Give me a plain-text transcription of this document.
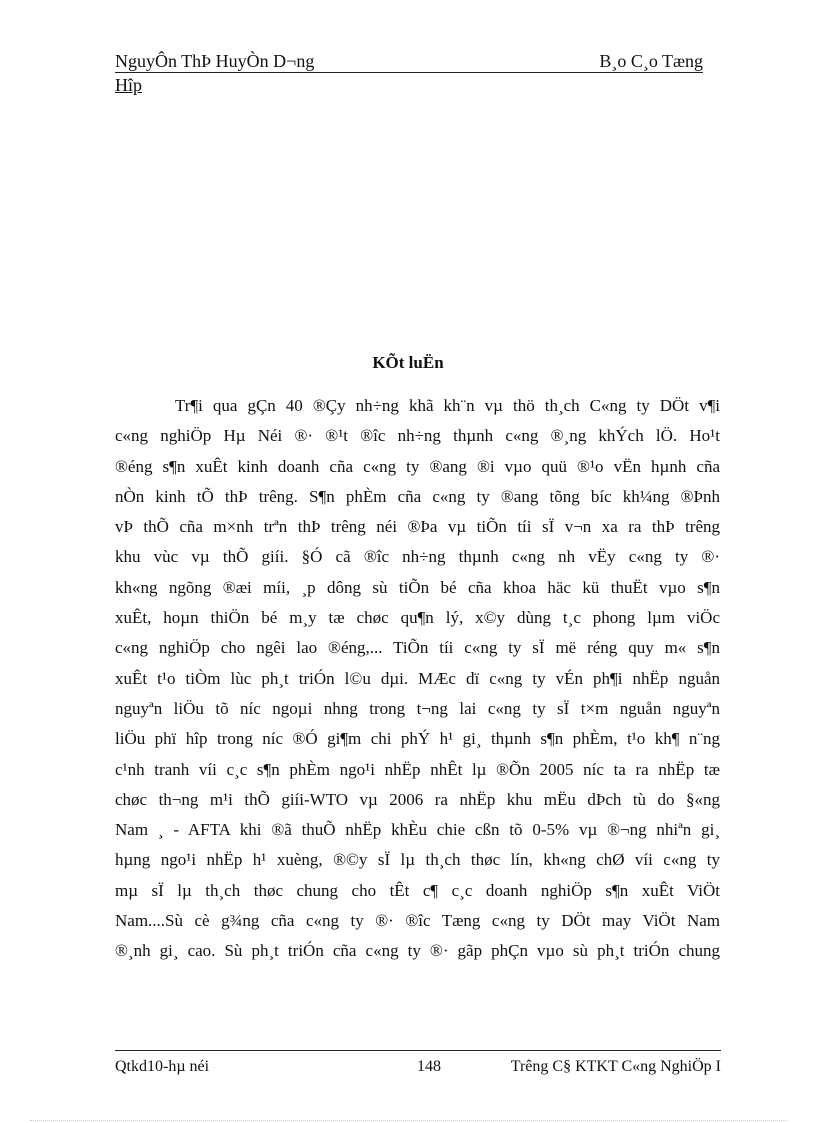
NguyÔn ThÞ HuyÒn D¬ng	B¸o C¸o Tæng
Hîp
KÕt luËn
Tr¶i qua gÇn 40 ®Çy nh÷ng khã kh¨n vµ thö th¸ch C«ng ty DÖt v¶i
c«ng nghiÖp Hµ Néi ®· ®¹t ®îc nh÷ng thµnh c«ng ®¸ng khÝch lÖ. Ho¹t
®éng s¶n xuÊt kinh doanh cña c«ng ty ®ang ®i vµo quü ®¹o vËn hµnh cña
nÒn kinh tÕ thÞ trêng. S¶n phÈm cña c«ng ty ®ang tõng bíc kh¼ng ®Þnh
vÞ thÕ cña m×nh trªn thÞ trêng néi ®Þa vµ tiÕn tíi sÏ v¬n xa ra thÞ trêng
khu vùc vµ thÕ giíi. §Ó cã ®îc nh÷ng thµnh c«ng nh vËy c«ng ty ®·
kh«ng ngõng ®æi míi, ¸p dông sù tiÕn bé cña khoa häc kü thuËt vµo s¶n
xuÊt, hoµn thiÖn bé m¸y tæ chøc qu¶n lý, x©y dùng t¸c phong lµm viÖc
c«ng nghiÖp cho ngêi lao ®éng,... TiÕn tíi c«ng ty sÏ më réng quy m« s¶n
xuÊt t¹o tiÒm lùc ph¸t triÓn l©u dµi. MÆc dï c«ng ty vÉn ph¶i nhËp nguån
nguyªn liÖu tõ níc ngoµi nhng trong t¬ng lai c«ng ty sÏ t×m nguån nguyªn
liÖu phï hîp trong níc ®Ó gi¶m chi phÝ h¹ gi¸ thµnh s¶n phÈm, t¹o kh¶ n¨ng
c¹nh tranh víi c¸c s¶n phÈm ngo¹i nhËp nhÊt lµ ®Õn 2005 níc ta ra nhËp tæ
chøc th¬ng m¹i thÕ giíi-WTO vµ 2006 ra nhËp khu mËu dÞch tù do §«ng
Nam ¸ - AFTA khi ®ã thuÕ nhËp khÈu chie cßn tõ 0-5% vµ ®¬ng nhiªn gi¸
hµng ngo¹i nhËp h¹ xuèng, ®©y sÏ lµ th¸ch thøc lín, kh«ng chØ víi c«ng ty
mµ sÏ lµ th¸ch thøc chung cho tÊt c¶ c¸c doanh nghiÖp s¶n xuÊt ViÖt
Nam....Sù cè g¾ng cña c«ng ty ®· ®îc Tæng c«ng ty DÖt may ViÖt Nam
®¸nh gi¸ cao. Sù ph¸t triÓn cña c«ng ty ®· gãp phÇn vµo sù ph¸t triÓn chung
Qtkd10-hµ néi	148	Trêng C§ KTKT C«ng NghiÖp I
